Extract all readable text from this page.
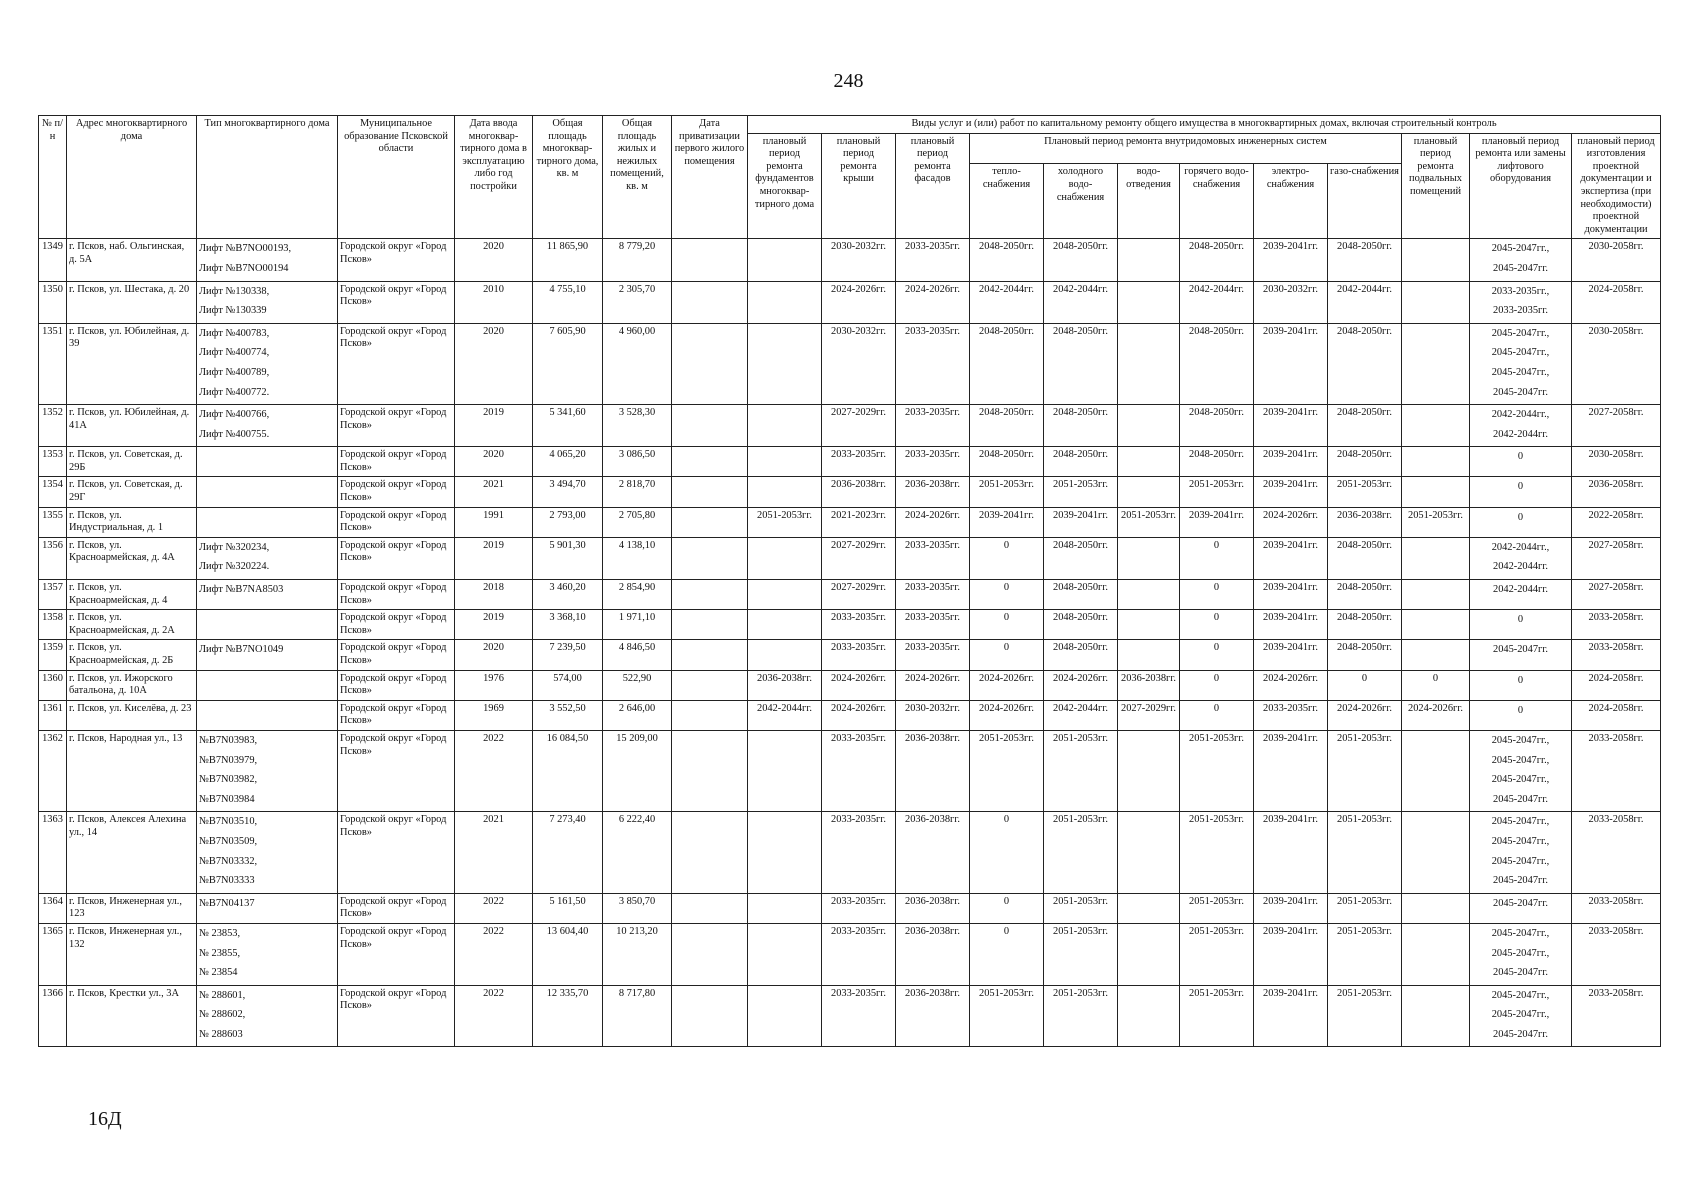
248
№ п/н	Адрес многоквартирного дома	Тип многоквартирного дома	Муниципальное образование Псковской области	Дата ввода многоквар-тирного дома в эксплуатацию либо год постройки	Общая площадь многоквар-тирного дома, кв. м	Общая площадь жилых и нежилых помещений, кв. м	Дата приватизации первого жилого помещения	Виды услуг и (или) работ по капитальному ремонту общего имущества в многоквартирных домах, включая строительный контроль											
								плановый период ремонта фундаментов многоквар-тирного дома	плановый период ремонта крыши	плановый период ремонта фасадов	Плановый период ремонта внутридомовых инженерных систем						плановый период ремонта подвальных помещений	плановый период ремонта или замены лифтового оборудования	плановый период изготовления проектной документации и экспертиза (при необходимости) проектной документации
											тепло-снабжения	холодного водо-снабжения	водо-отведения	горячего водо-снабжения	электро-снабжения	газо-снабжения			
1349	г. Псков, наб. Ольгинская, д. 5А	Лифт №B7NO00193,
Лифт №B7NO00194	Городской округ «Город Псков»	2020	11 865,90	8 779,20			2030-2032гг.	2033-2035гг.	2048-2050гг.	2048-2050гг.		2048-2050гг.	2039-2041гг.	2048-2050гг.		2045-2047гг.,
2045-2047гг.	2030-2058гг.
1350	г. Псков, ул. Шестака, д. 20	Лифт №130338,
Лифт №130339	Городской округ «Город Псков»	2010	4 755,10	2 305,70			2024-2026гг.	2024-2026гг.	2042-2044гг.	2042-2044гг.		2042-2044гг.	2030-2032гг.	2042-2044гг.		2033-2035гг.,
2033-2035гг.	2024-2058гг.
1351	г. Псков, ул. Юбилейная, д. 39	Лифт №400783,
Лифт №400774,
Лифт №400789,
Лифт №400772.	Городской округ «Город Псков»	2020	7 605,90	4 960,00			2030-2032гг.	2033-2035гг.	2048-2050гг.	2048-2050гг.		2048-2050гг.	2039-2041гг.	2048-2050гг.		2045-2047гг.,
2045-2047гг.,
2045-2047гг.,
2045-2047гг.	2030-2058гг.
1352	г. Псков, ул. Юбилейная, д. 41А	Лифт №400766,
Лифт №400755.	Городской округ «Город Псков»	2019	5 341,60	3 528,30			2027-2029гг.	2033-2035гг.	2048-2050гг.	2048-2050гг.		2048-2050гг.	2039-2041гг.	2048-2050гг.		2042-2044гг.,
2042-2044гг.	2027-2058гг.
1353	г. Псков, ул. Советская, д. 29Б		Городской округ «Город Псков»	2020	4 065,20	3 086,50			2033-2035гг.	2033-2035гг.	2048-2050гг.	2048-2050гг.		2048-2050гг.	2039-2041гг.	2048-2050гг.		0	2030-2058гг.
1354	г. Псков, ул. Советская, д. 29Г		Городской округ «Город Псков»	2021	3 494,70	2 818,70			2036-2038гг.	2036-2038гг.	2051-2053гг.	2051-2053гг.		2051-2053гг.	2039-2041гг.	2051-2053гг.		0	2036-2058гг.
1355	г. Псков, ул. Индустриальная, д. 1		Городской округ «Город Псков»	1991	2 793,00	2 705,80		2051-2053гг.	2021-2023гг.	2024-2026гг.	2039-2041гг.	2039-2041гг.	2051-2053гг.	2039-2041гг.	2024-2026гг.	2036-2038гг.	2051-2053гг.	0	2022-2058гг.
1356	г. Псков, ул. Красноармейская, д. 4А	Лифт №320234,
Лифт №320224.	Городской округ «Город Псков»	2019	5 901,30	4 138,10			2027-2029гг.	2033-2035гг.	0	2048-2050гг.		0	2039-2041гг.	2048-2050гг.		2042-2044гг.,
2042-2044гг.	2027-2058гг.
1357	г. Псков, ул. Красноармейская, д. 4	Лифт №B7NA8503	Городской округ «Город Псков»	2018	3 460,20	2 854,90			2027-2029гг.	2033-2035гг.	0	2048-2050гг.		0	2039-2041гг.	2048-2050гг.		2042-2044гг.	2027-2058гг.
1358	г. Псков, ул. Красноармейская, д. 2А		Городской округ «Город Псков»	2019	3 368,10	1 971,10			2033-2035гг.	2033-2035гг.	0	2048-2050гг.		0	2039-2041гг.	2048-2050гг.		0	2033-2058гг.
1359	г. Псков, ул. Красноармейская, д. 2Б	Лифт №B7NO1049	Городской округ «Город Псков»	2020	7 239,50	4 846,50			2033-2035гг.	2033-2035гг.	0	2048-2050гг.		0	2039-2041гг.	2048-2050гг.		2045-2047гг.	2033-2058гг.
1360	г. Псков, ул. Ижорского батальона, д. 10А		Городской округ «Город Псков»	1976	574,00	522,90		2036-2038гг.	2024-2026гг.	2024-2026гг.	2024-2026гг.	2024-2026гг.	2036-2038гг.	0	2024-2026гг.	0	0	0	2024-2058гг.
1361	г. Псков, ул. Киселёва, д. 23		Городской округ «Город Псков»	1969	3 552,50	2 646,00		2042-2044гг.	2024-2026гг.	2030-2032гг.	2024-2026гг.	2042-2044гг.	2027-2029гг.	0	2033-2035гг.	2024-2026гг.	2024-2026гг.	0	2024-2058гг.
1362	г. Псков, Народная ул., 13	№B7N03983,
№B7N03979,
№B7N03982,
№B7N03984	Городской округ «Город Псков»	2022	16 084,50	15 209,00			2033-2035гг.	2036-2038гг.	2051-2053гг.	2051-2053гг.		2051-2053гг.	2039-2041гг.	2051-2053гг.		2045-2047гг.,
2045-2047гг.,
2045-2047гг.,
2045-2047гг.	2033-2058гг.
1363	г. Псков, Алексея Алехина ул., 14	№B7N03510,
№B7N03509,
№B7N03332,
№B7N03333	Городской округ «Город Псков»	2021	7 273,40	6 222,40			2033-2035гг.	2036-2038гг.	0	2051-2053гг.		2051-2053гг.	2039-2041гг.	2051-2053гг.		2045-2047гг.,
2045-2047гг.,
2045-2047гг.,
2045-2047гг.	2033-2058гг.
1364	г. Псков, Инженерная ул., 123	№B7N04137	Городской округ «Город Псков»	2022	5 161,50	3 850,70			2033-2035гг.	2036-2038гг.	0	2051-2053гг.		2051-2053гг.	2039-2041гг.	2051-2053гг.		2045-2047гг.	2033-2058гг.
1365	г. Псков, Инженерная ул., 132	№ 23853,
№ 23855,
№ 23854	Городской округ «Город Псков»	2022	13 604,40	10 213,20			2033-2035гг.	2036-2038гг.	0	2051-2053гг.		2051-2053гг.	2039-2041гг.	2051-2053гг.		2045-2047гг.,
2045-2047гг.,
2045-2047гг.	2033-2058гг.
1366	г. Псков, Крестки ул., 3А	№ 288601,
№ 288602,
№ 288603	Городской округ «Город Псков»	2022	12 335,70	8 717,80			2033-2035гг.	2036-2038гг.	2051-2053гг.	2051-2053гг.		2051-2053гг.	2039-2041гг.	2051-2053гг.		2045-2047гг.,
2045-2047гг.,
2045-2047гг.	2033-2058гг.
16Д
